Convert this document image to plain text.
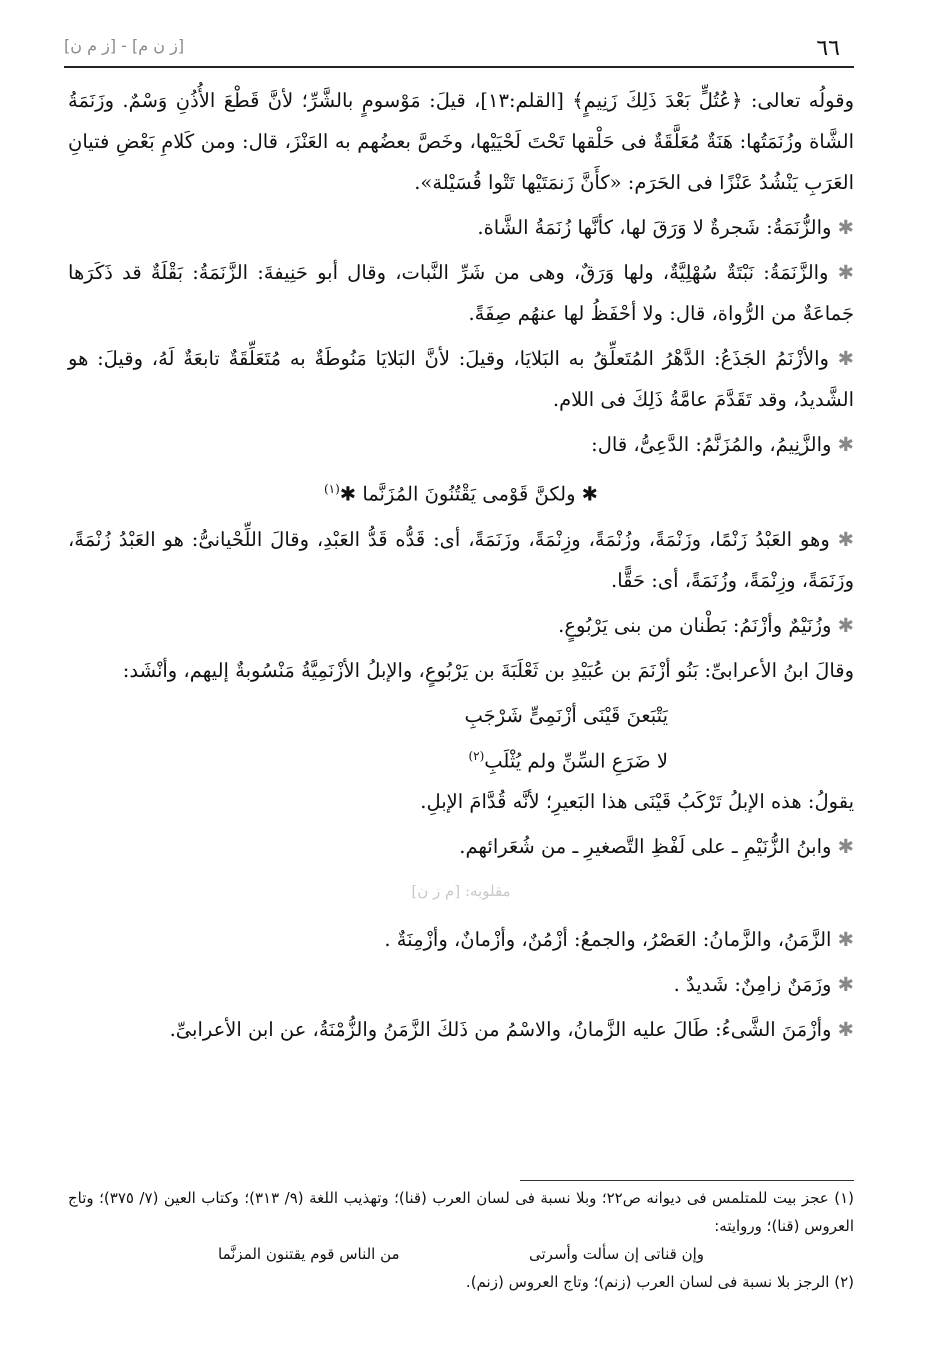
[ز م ن] - [ز ن م]	٦٦

وقولُه تعالى: ﴿عُتُلٍّ بَعْدَ ذَلِكَ زَنِيمٍ﴾ [القلم:١٣]، قيلَ: مَوْسومٍ بالشَّرِّ؛ لأنَّ قَطْعَ الأُذُنِ وَسْمٌ. وزَنَمَةُ الشَّاة وزُنَمَتُها: هَنَةٌ مُعَلَّقَةٌ فى حَلْقها تَحْتَ لَحْيَيْها، وخَصَّ بعضُهم به العَنْزَ، قال: ومن كَلامِ بَعْضِ فتيانِ العَرَبِ يَنْشُدُ عَنْزًا فى الحَرَم: «كأَنَّ زَنمَتَيْها تَتْوا قُسَيْلة».

✱ والزُّنَمَةُ: شَجرةٌ لا وَرَقَ لها، كأنَّها زُنَمَةُ الشَّاة.

✱ والزَّنَمَةُ: نَبْتَةٌ سُهْلِيَّةٌ، ولها وَرَقٌ، وهى من شَرِّ النَّبات، وقال أبو حَنِيفةَ: الزَّنَمَةُ: بَقْلَةٌ قد ذَكَرَها جَماعَةٌ من الرُّواة، قال: ولا أحْفَظُ لها عنهُم صِفَةً.

✱ والأزْنَمُ الجَذَعُ: الدَّهْرُ المُتَعلِّقُ به البَلايَا، وقيلَ: لأنَّ البَلايَا مَنُوطَةٌ به مُتَعَلِّقَةٌ تابعَةٌ لَهُ، وقيلَ: هو الشَّديدُ، وقد تَقَدَّمَ عامَّةُ ذَلِكَ فى اللام.

✱ والزَّنِيمُ، والمُزَنَّمُ: الدَّعِىُّ، قال:

✱ ولكنَّ قَوْمى يَقْتُنُونَ المُزَنَّما ✱$^{(١)}$

✱ وهو العَبْدُ زَنْمًا، وزَنْمَةً، وزُنْمَةً، وزِنْمَةً، وزَنَمَةً، أى: قَدُّه قَدُّ العَبْدِ، وقالَ اللِّحْيانىُّ: هو العَبْدُ زُنْمَةً، وزَنَمَةً، وزِنْمَةً، وزُنَمَةً، أى: حَقًّا.

✱ وزُنَيْمٌ وأزْنَمُ: بَطْنان من بنى يَرْبُوعٍ.

وقالَ ابنُ الأعرابىِّ: بَنُو أزْنَمَ بن عُبَيْدِ بن ثَعْلَبَةَ بن يَرْبُوعٍ، والإبلُ الأزْنَمِيَّةُ مَنْسُوبةٌ إليهم، وأنْشَد:

يَتْبَعنَ قَيْنَى أزْنَمِىٍّ شَرْجَبِ

لا ضَرَعِ السِّنِّ ولم يُثْلَبِ$^{(٢)}$

يقولُ: هذه الإبلُ تَرْكَبُ قَيْنَى هذا البَعيرِ؛ لأنَّه قُدَّامَ الإبلِ.

✱ وابنُ الزُّنَيْمِ ـ على لَفْظِ التَّصغيرِ ـ من شُعَرائهم.

مقلوبه: [م ز ن]

✱ الزَّمَنُ، والزَّمانُ: العَصْرُ، والجمعُ: أزْمُنٌ، وأزْمانٌ، وأزْمِنَةٌ .

✱ وزَمَنٌ زامِنٌ: شَديدٌ .

✱ وأزْمَنَ الشَّىءُ: طَالَ عليه الزَّمانُ، والاسْمُ من ذَلكَ الزَّمَنُ والزُّمْنَةُ، عن ابن الأعرابىِّ.

(١) عجز بيت للمتلمس فى ديوانه ص٢٢؛ وبلا نسبة فى لسان العرب (قنا)؛ وتهذيب اللغة (٩/ ٣١٣)؛ وكتاب العين (٧/ ٣٧٥)؛ وتاج العروس (قنا)؛ وروايته:
وإن قناتى إن سألت وأسرتى
من الناس قوم يقتنون المزنَّما
(٢) الرجز بلا نسبة فى لسان العرب (زنم)؛ وتاج العروس (زنم).
